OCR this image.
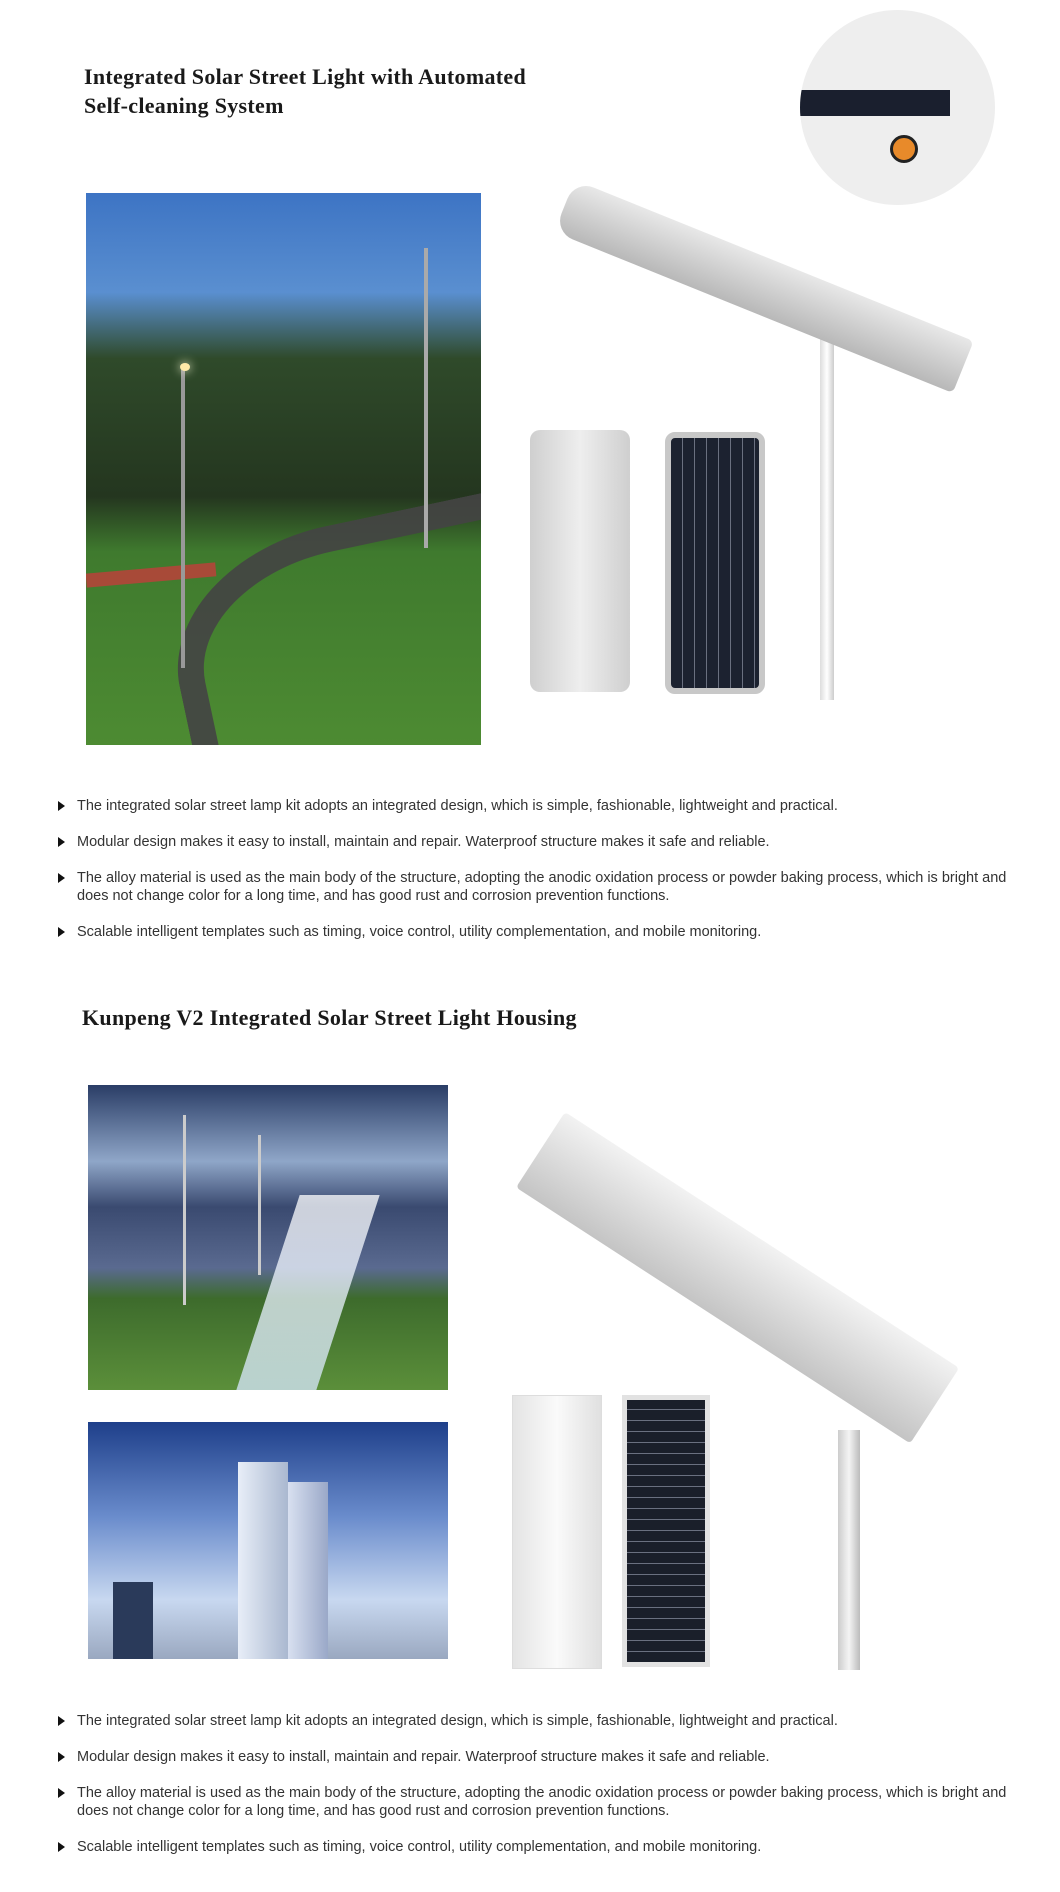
Integrated Solar Street Light with Automated
Self-cleaning System
The integrated solar street lamp kit adopts an integrated design, which is simple, fashionable, lightweight and practical.
Modular design makes it easy to install, maintain and repair. Waterproof structure makes it safe and reliable.
The alloy material is used as the main body of the structure, adopting the anodic oxidation process or powder baking process, which is bright and does not change color for a long time, and has good rust and corrosion prevention functions.
Scalable intelligent templates such as timing, voice control, utility complementation, and mobile monitoring.
Kunpeng V2 Integrated Solar Street Light Housing
The integrated solar street lamp kit adopts an integrated design, which is simple, fashionable, lightweight and practical.
Modular design makes it easy to install, maintain and repair. Waterproof structure makes it safe and reliable.
The alloy material is used as the main body of the structure, adopting the anodic oxidation process or powder baking process, which is bright and does not change color for a long time, and has good rust and corrosion prevention functions.
Scalable intelligent templates such as timing, voice control, utility complementation, and mobile monitoring.
